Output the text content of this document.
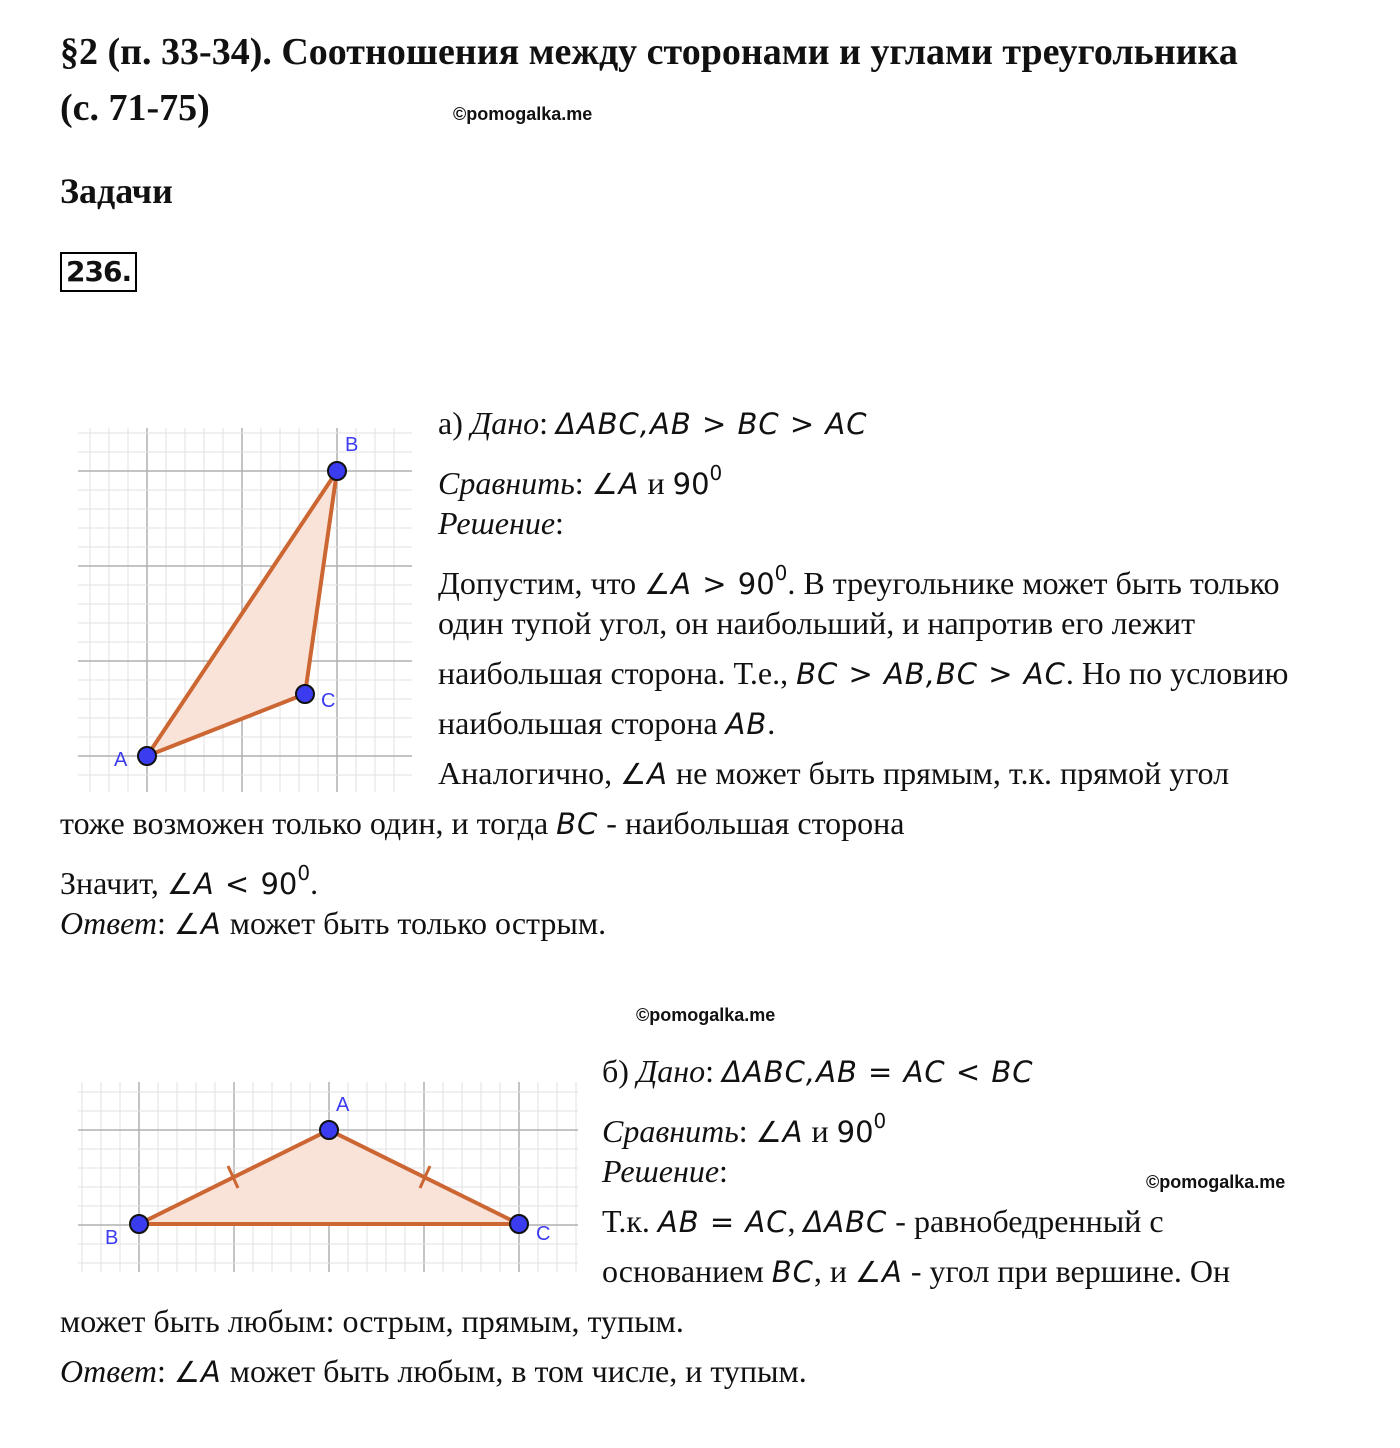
§2 (п. 33-34). Соотношения между сторонами и углами треугольника
(с. 71-75)	©pomogalka.me
Задачи
236.
A
B
C
A
B	C
а) Дано: ΔABC,AB > BC > AC
Сравнить: ∠A и $90^0$
Решение:
Допустим, что ∠A > $90^0$. В треугольнике может быть только
один тупой угол, он наибольший, и напротив его лежит
наибольшая сторона. Т.е., BC > AB,BC > AC. Но по условию
наибольшая сторона AB.
Аналогично, ∠A не может быть прямым, т.к. прямой угол
тоже возможен только один, и тогда BC - наибольшая сторона
Значит, ∠A < $90^0$.
Ответ: ∠A может быть только острым.
©pomogalka.me
©pomogalka.me
б) Дано: ΔABC,AB = AC < BC
Сравнить: ∠A и $90^0$
Решение:
Т.к. AB = AC, ΔABC - равнобедренный с
основанием BC, и ∠A - угол при вершине. Он
может быть любым: острым, прямым, тупым.
Ответ: ∠A может быть любым, в том числе, и тупым.
